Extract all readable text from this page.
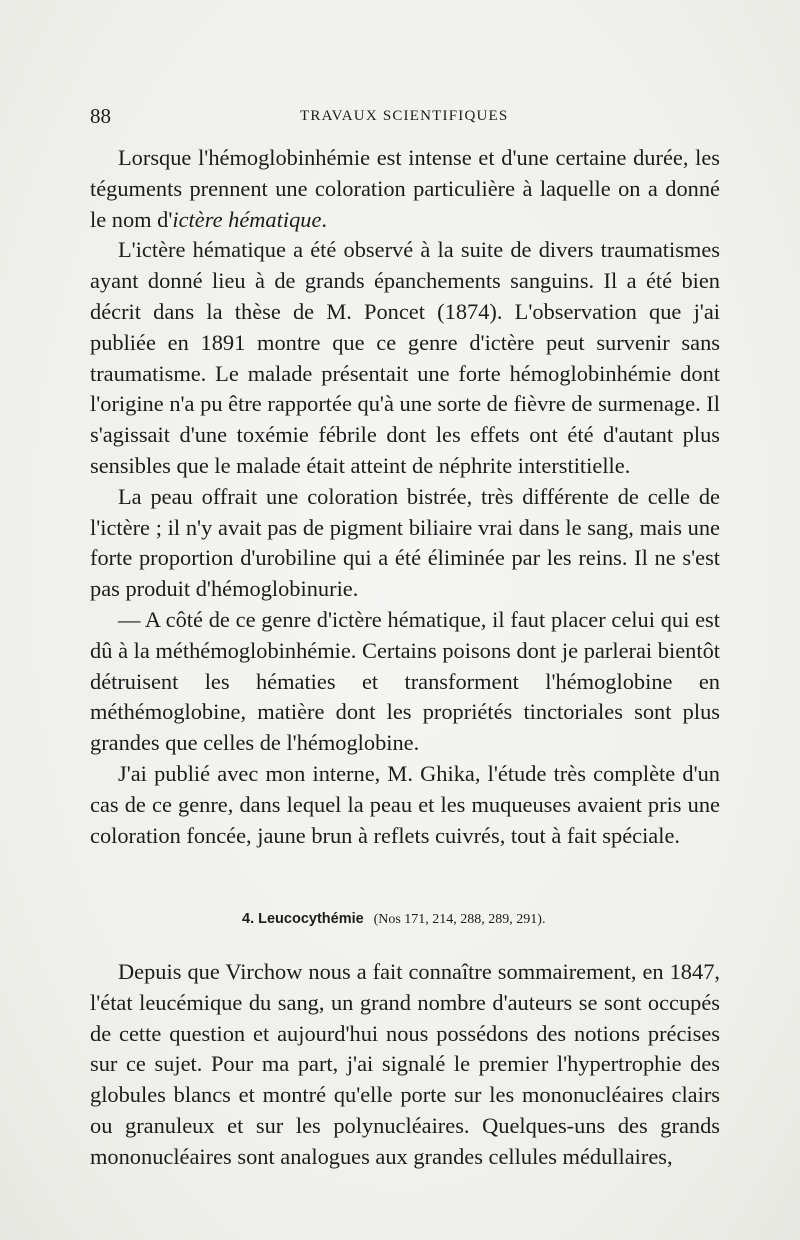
88	TRAVAUX SCIENTIFIQUES

Lorsque l'hémoglobinhémie est intense et d'une certaine durée, les téguments prennent une coloration particulière à laquelle on a donné le nom d'ictère hématique.

L'ictère hématique a été observé à la suite de divers traumatismes ayant donné lieu à de grands épanchements sanguins. Il a été bien décrit dans la thèse de M. Poncet (1874). L'observation que j'ai publiée en 1891 montre que ce genre d'ictère peut survenir sans traumatisme. Le malade présentait une forte hémoglobinhémie dont l'origine n'a pu être rapportée qu'à une sorte de fièvre de surmenage. Il s'agissait d'une toxémie fébrile dont les effets ont été d'autant plus sensibles que le malade était atteint de néphrite interstitielle.

La peau offrait une coloration bistrée, très différente de celle de l'ictère ; il n'y avait pas de pigment biliaire vrai dans le sang, mais une forte proportion d'urobiline qui a été éliminée par les reins. Il ne s'est pas produit d'hémoglobinurie.

— A côté de ce genre d'ictère hématique, il faut placer celui qui est dû à la méthémoglobinhémie. Certains poisons dont je parlerai bientôt détruisent les hématies et transforment l'hémoglobine en méthémoglobine, matière dont les propriétés tinctoriales sont plus grandes que celles de l'hémoglobine.

J'ai publié avec mon interne, M. Ghika, l'étude très complète d'un cas de ce genre, dans lequel la peau et les muqueuses avaient pris une coloration foncée, jaune brun à reflets cuivrés, tout à fait spéciale.

4. Leucocythémie (Nos 171, 214, 288, 289, 291).

Depuis que Virchow nous a fait connaître sommairement, en 1847, l'état leucémique du sang, un grand nombre d'auteurs se sont occupés de cette question et aujourd'hui nous possédons des notions précises sur ce sujet. Pour ma part, j'ai signalé le premier l'hypertrophie des globules blancs et montré qu'elle porte sur les mononucléaires clairs ou granuleux et sur les polynucléaires. Quelques-uns des grands mononucléaires sont analogues aux grandes cellules médullaires,
